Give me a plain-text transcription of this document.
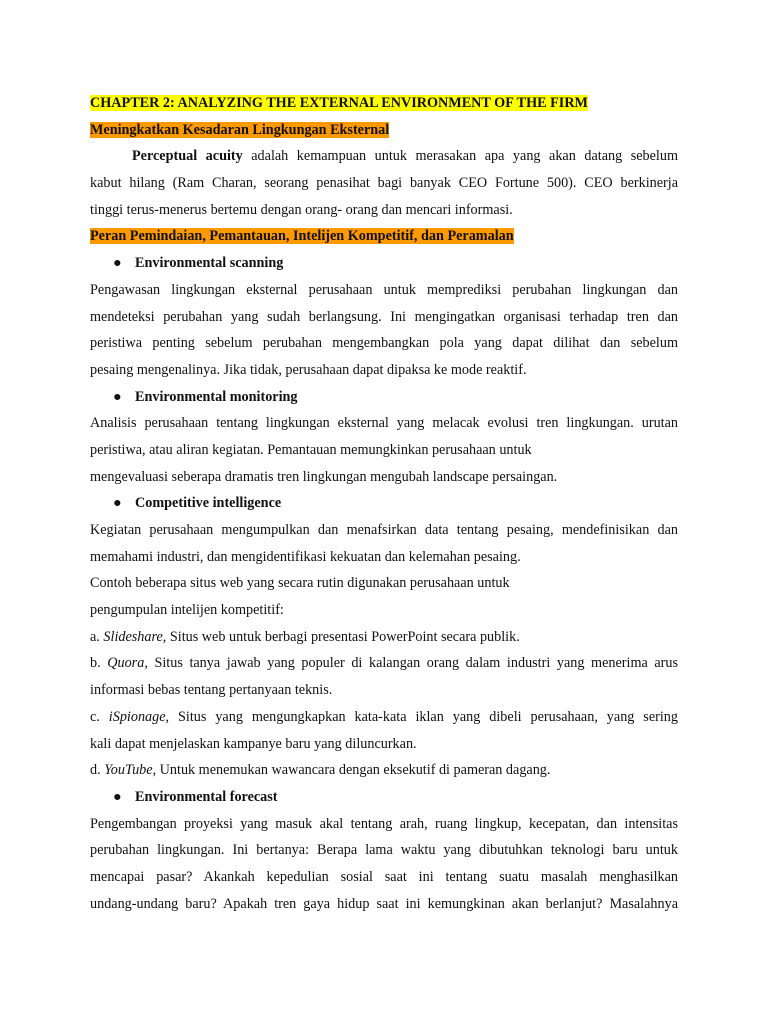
CHAPTER 2: ANALYZING THE EXTERNAL ENVIRONMENT OF THE FIRM
Meningkatkan Kesadaran Lingkungan Eksternal
Perceptual acuity adalah kemampuan untuk merasakan apa yang akan datang sebelum
kabut hilang (Ram Charan, seorang penasihat bagi banyak CEO Fortune 500). CEO berkinerja
tinggi terus-menerus bertemu dengan orang- orang dan mencari informasi.
Peran Pemindaian, Pemantauan, Intelijen Kompetitif, dan Peramalan
● Environmental scanning
Pengawasan lingkungan eksternal perusahaan untuk memprediksi perubahan lingkungan dan
mendeteksi perubahan yang sudah berlangsung. Ini mengingatkan organisasi terhadap tren dan
peristiwa penting sebelum perubahan mengembangkan pola yang dapat dilihat dan sebelum
pesaing mengenalinya. Jika tidak, perusahaan dapat dipaksa ke mode reaktif.
● Environmental monitoring
Analisis perusahaan tentang lingkungan eksternal yang melacak evolusi tren lingkungan. urutan
peristiwa, atau aliran kegiatan. Pemantauan memungkinkan perusahaan untuk
mengevaluasi seberapa dramatis tren lingkungan mengubah landscape persaingan.
● Competitive intelligence
Kegiatan perusahaan mengumpulkan dan menafsirkan data tentang pesaing, mendefinisikan dan
memahami industri, dan mengidentifikasi kekuatan dan kelemahan pesaing.
Contoh beberapa situs web yang secara rutin digunakan perusahaan untuk
pengumpulan intelijen kompetitif:
a. Slideshare, Situs web untuk berbagi presentasi PowerPoint secara publik.
b. Quora, Situs tanya jawab yang populer di kalangan orang dalam industri yang menerima arus
informasi bebas tentang pertanyaan teknis.
c. iSpionage, Situs yang mengungkapkan kata-kata iklan yang dibeli perusahaan, yang sering
kali dapat menjelaskan kampanye baru yang diluncurkan.
d. YouTube, Untuk menemukan wawancara dengan eksekutif di pameran dagang.
● Environmental forecast
Pengembangan proyeksi yang masuk akal tentang arah, ruang lingkup, kecepatan, dan intensitas
perubahan lingkungan. Ini bertanya: Berapa lama waktu yang dibutuhkan teknologi baru untuk
mencapai pasar? Akankah kepedulian sosial saat ini tentang suatu masalah menghasilkan
undang-undang baru? Apakah tren gaya hidup saat ini kemungkinan akan berlanjut? Masalahnya
